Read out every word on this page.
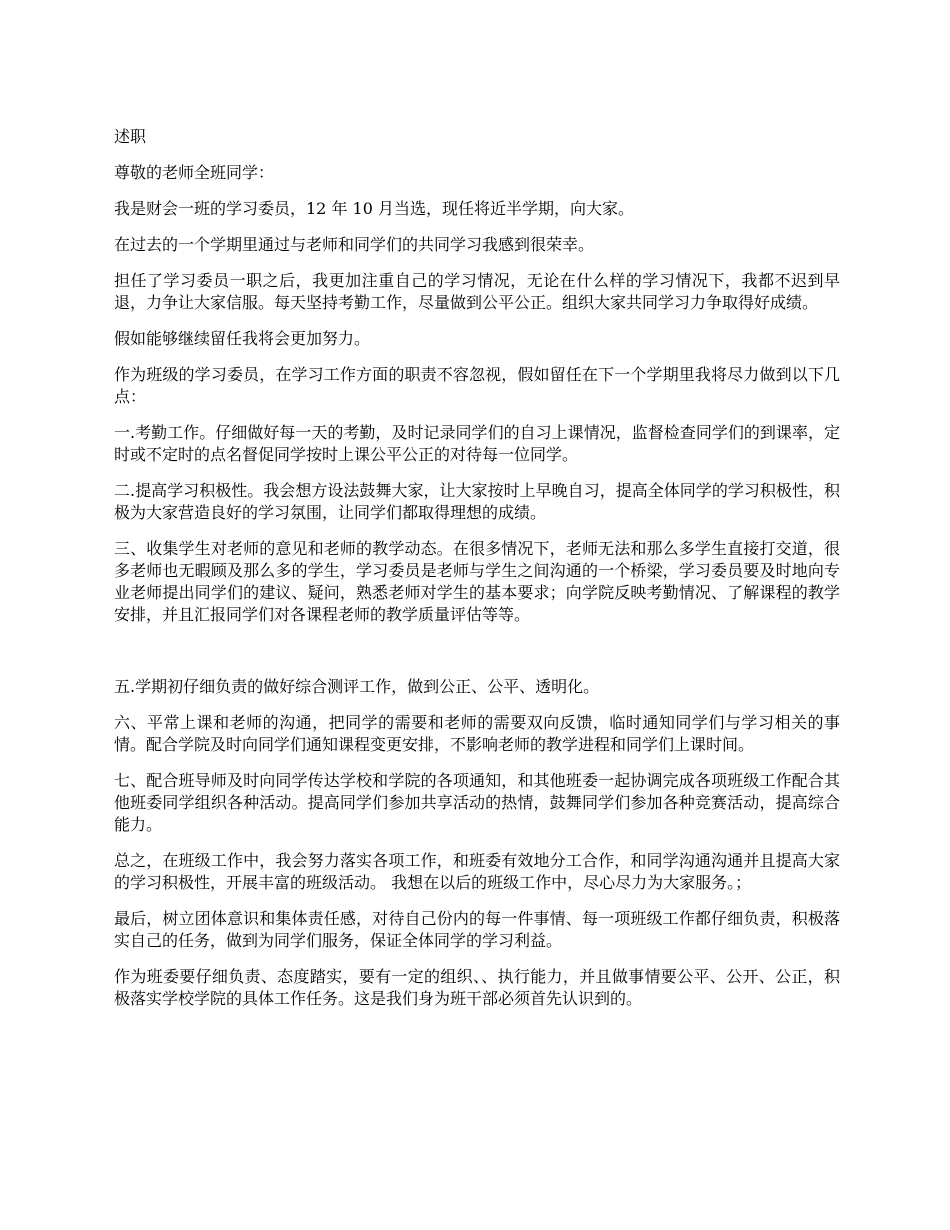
述职

尊敬的老师全班同学：

我是财会一班的学习委员，12 年 10 月当选，现任将近半学期，向大家。

在过去的一个学期里通过与老师和同学们的共同学习我感到很荣幸。

担任了学习委员一职之后，我更加注重自己的学习情况，无论在什么样的学习情况下，我都不迟到早退，力争让大家信服。每天坚持考勤工作，尽量做到公平公正。组织大家共同学习力争取得好成绩。

假如能够继续留任我将会更加努力。

作为班级的学习委员，在学习工作方面的职责不容忽视，假如留任在下一个学期里我将尽力做到以下几点：

一.考勤工作。仔细做好每一天的考勤，及时记录同学们的自习上课情况，监督检查同学们的到课率，定时或不定时的点名督促同学按时上课公平公正的对待每一位同学。

二.提高学习积极性。我会想方设法鼓舞大家，让大家按时上早晚自习，提高全体同学的学习积极性，积极为大家营造良好的学习氛围，让同学们都取得理想的成绩。

三、收集学生对老师的意见和老师的教学动态。在很多情况下，老师无法和那么多学生直接打交道，很多老师也无暇顾及那么多的学生，学习委员是老师与学生之间沟通的一个桥梁，学习委员要及时地向专业老师提出同学们的建议、疑问，熟悉老师对学生的基本要求；向学院反映考勤情况、了解课程的教学安排，并且汇报同学们对各课程老师的教学质量评估等等。

五.学期初仔细负责的做好综合测评工作，做到公正、公平、透明化。

六、平常上课和老师的沟通，把同学的需要和老师的需要双向反馈，临时通知同学们与学习相关的事情。配合学院及时向同学们通知课程变更安排，不影响老师的教学进程和同学们上课时间。

七、配合班导师及时向同学传达学校和学院的各项通知，和其他班委一起协调完成各项班级工作配合其他班委同学组织各种活动。提高同学们参加共享活动的热情，鼓舞同学们参加各种竞赛活动，提高综合能力。

总之，在班级工作中，我会努力落实各项工作，和班委有效地分工合作，和同学沟通沟通并且提高大家的学习积极性，开展丰富的班级活动。 我想在以后的班级工作中，尽心尽力为大家服务。；

最后，树立团体意识和集体责任感，对待自己份内的每一件事情、每一项班级工作都仔细负责，积极落实自己的任务，做到为同学们服务，保证全体同学的学习利益。

作为班委要仔细负责、态度踏实，要有一定的组织、、执行能力，并且做事情要公平、公开、公正，积极落实学校学院的具体工作任务。这是我们身为班干部必须首先认识到的。
